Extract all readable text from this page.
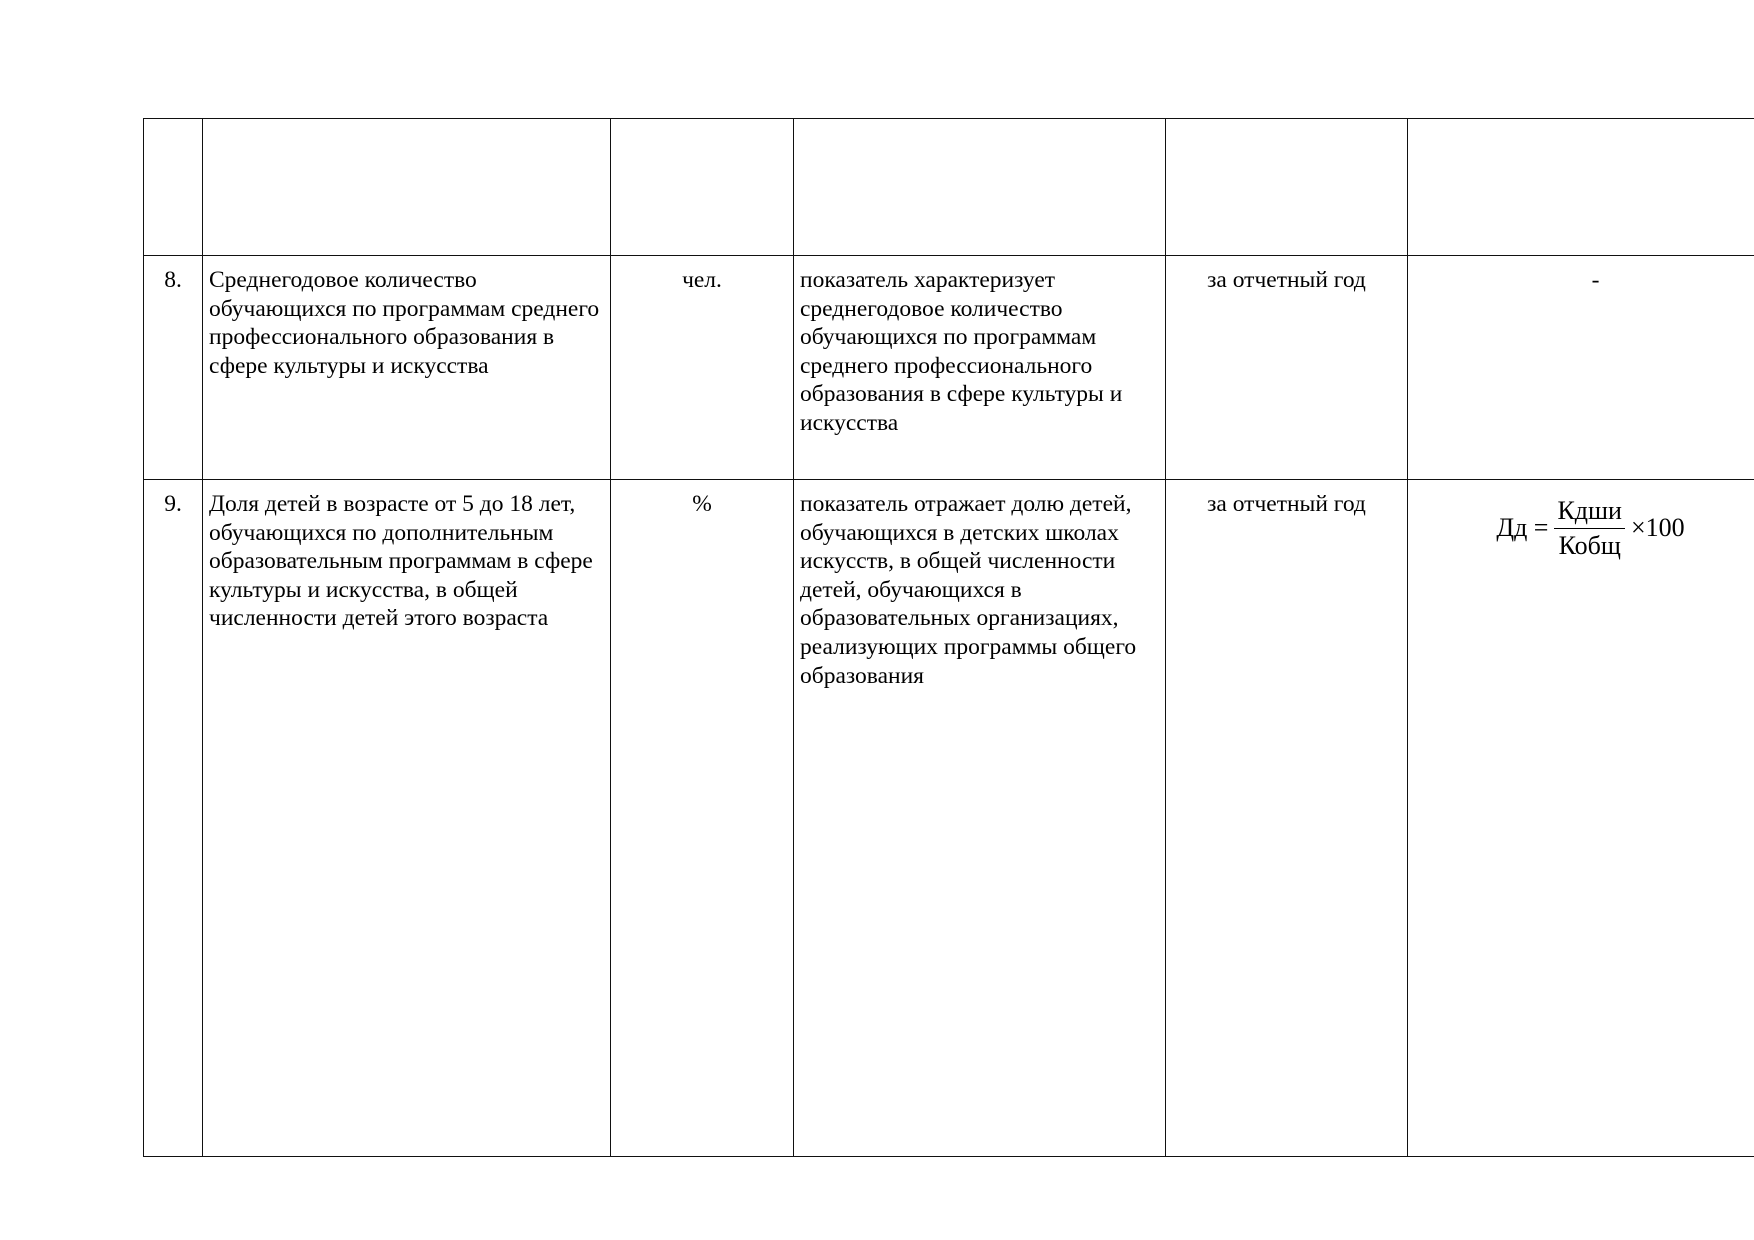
8.	Среднегодовое количество обучающихся по программам среднего профессионального образования в сфере культуры и искусства	чел.	показатель характеризует среднегодовое количество обучающихся по программам среднего профессионального образования в сфере культуры и искусства	за отчетный год	-
9.	Доля детей в возрасте от 5 до 18 лет, обучающихся по дополнительным образовательным программам в сфере культуры и искусства, в общей численности детей этого возраста	%	показатель отражает долю детей, обучающихся в детских школах искусств, в общей численности детей, обучающихся в образовательных организациях, реализующих программы общего образования	за отчетный год	Дд = $\frac{\text{Кдши}}{\text{Кобщ}} \times 100$
